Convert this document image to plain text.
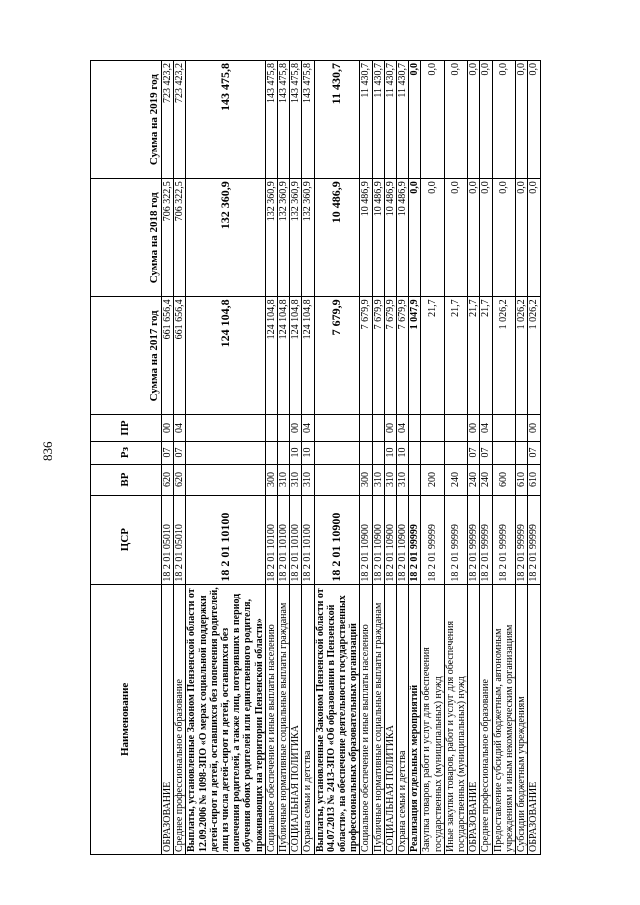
836
Наименование	ЦСР	ВР	Рз	ПР	Сумма на 2017 год	Сумма на 2018 год	Сумма на 2019 год
ОБРАЗОВАНИЕ	18 2 01 05010	620	07	00	661 656,4	706 322,5	723 423,2
Среднее профессиональное образование	18 2 01 05010	620	07	04	661 656,4	706 322,5	723 423,2
Выплаты, установленные Законом Пензенской области от 12.09.2006 № 1098-ЗПО «О мерах социальной поддержки детей-сирот и детей, оставшихся без попечения родителей, лиц из числа детей-сирот и детей, оставшихся без попечения родителей, а также лиц, потерявших в период обучения обоих родителей или единственного родителя, проживающих на территории Пензенской области»	18 2 01 10100				124 104,8	132 360,9	143 475,8
Социальное обеспечение и иные выплаты населению	18 2 01 10100	300			124 104,8	132 360,9	143 475,8
Публичные нормативные социальные выплаты гражданам	18 2 01 10100	310			124 104,8	132 360,9	143 475,8
СОЦИАЛЬНАЯ ПОЛИТИКА	18 2 01 10100	310	10	00	124 104,8	132 360,9	143 475,8
Охрана семьи и детства	18 2 01 10100	310	10	04	124 104,8	132 360,9	143 475,8
Выплаты, установленные Законом Пензенской области от 04.07.2013 № 2413-ЗПО «Об образовании в Пензенской области», на обеспечение деятельности государственных профессиональных образовательных организаций	18 2 01 10900				7 679,9	10 486,9	11 430,7
Социальное обеспечение и иные выплаты населению	18 2 01 10900	300			7 679,9	10 486,9	11 430,7
Публичные нормативные социальные выплаты гражданам	18 2 01 10900	310			7 679,9	10 486,9	11 430,7
СОЦИАЛЬНАЯ ПОЛИТИКА	18 2 01 10900	310	10	00	7 679,9	10 486,9	11 430,7
Охрана семьи и детства	18 2 01 10900	310	10	04	7 679,9	10 486,9	11 430,7
Реализация отдельных мероприятий	18 2 01 99999				1 047,9	0,0	0,0
Закупка товаров, работ и услуг для обеспечения государственных (муниципальных) нужд	18 2 01 99999	200			21,7	0,0	0,0
Иные закупки товаров, работ и услуг для обеспечения государственных (муниципальных) нужд	18 2 01 99999	240			21,7	0,0	0,0
ОБРАЗОВАНИЕ	18 2 01 99999	240	07	00	21,7	0,0	0,0
Среднее профессиональное образование	18 2 01 99999	240	07	04	21,7	0,0	0,0
Предоставление субсидий бюджетным, автономным учреждениям и иным некоммерческим организациям	18 2 01 99999	600			1 026,2	0,0	0,0
Субсидии бюджетным учреждениям	18 2 01 99999	610			1 026,2	0,0	0,0
ОБРАЗОВАНИЕ	18 2 01 99999	610	07	00	1 026,2	0,0	0,0
